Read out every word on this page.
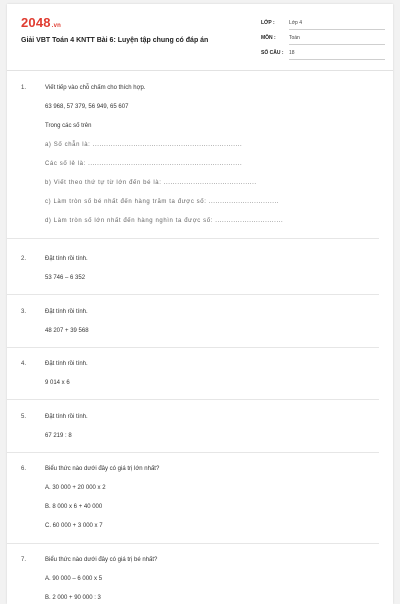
2048.vn
Giải VBT Toán 4 KNTT Bài 6: Luyện tập chung có đáp án
LỚP :	Lớp 4
MÔN :	Toán
SỐ CÂU : 18
1.	Viết tiếp vào chỗ chấm cho thích hợp.
63 968, 57 379, 56 949, 65 607
Trong các số trên
a) Số chẵn là: ..................................................................
Các số lẻ là: ....................................................................
b) Viết theo thứ tự từ lớn đến bé là: .........................................
c) Làm tròn số bé nhất đến hàng trăm ta được số: ...............................
d) Làm tròn số lớn nhất đến hàng nghìn ta được số: ..............................
2.	Đặt tính rồi tính.
53 746 – 6 352
3.	Đặt tính rồi tính.
48 207 + 39 568
4.	Đặt tính rồi tính.
9 014 x 6
5.	Đặt tính rồi tính.
67 219 : 8
6.	Biểu thức nào dưới đây có giá trị lớn nhất?
A. 30 000 + 20 000 x 2
B. 8 000 x 6 + 40 000
C. 60 000 + 3 000 x 7
7.	Biểu thức nào dưới đây có giá trị bé nhất?
A. 90 000 – 6 000 x 5
B. 2 000 + 90 000 : 3
